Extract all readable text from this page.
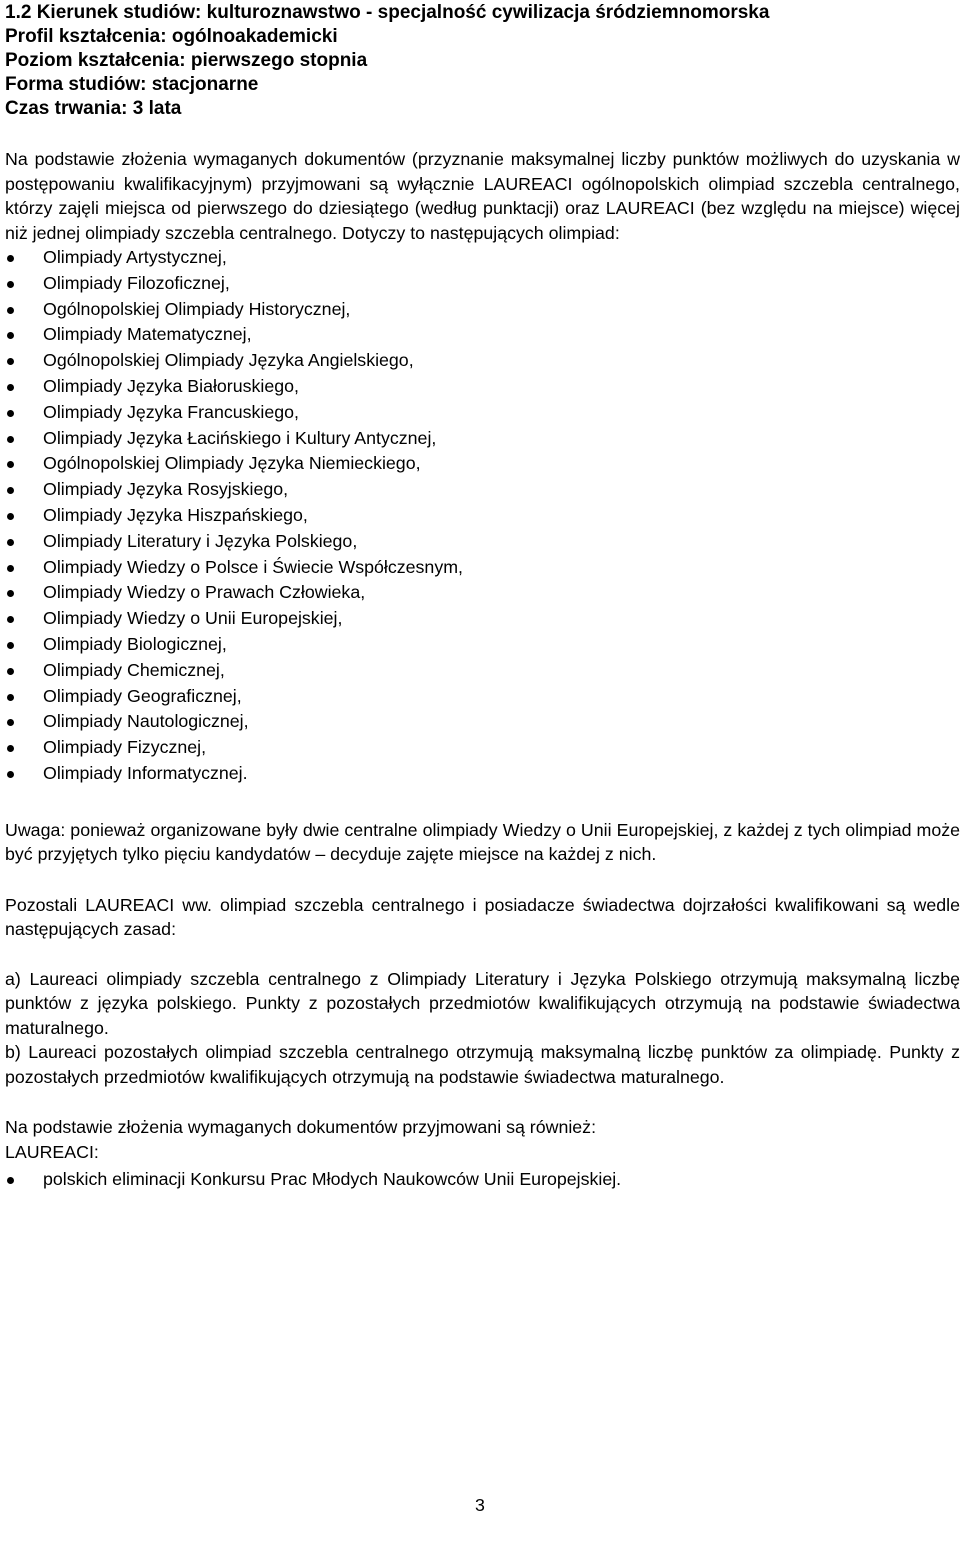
1.2 Kierunek studiów: kulturoznawstwo - specjalność cywilizacja śródziemnomorska
Profil kształcenia: ogólnoakademicki
Poziom kształcenia: pierwszego stopnia
Forma studiów: stacjonarne
Czas trwania: 3 lata

Na podstawie złożenia wymaganych dokumentów (przyznanie maksymalnej liczby punktów możliwych do uzyskania w postępowaniu kwalifikacyjnym) przyjmowani są wyłącznie LAUREACI ogólnopolskich olimpiad szczebla centralnego, którzy zajęli miejsca od pierwszego do dziesiątego (według punktacji) oraz LAUREACI (bez względu na miejsce) więcej niż jednej olimpiady szczebla centralnego. Dotyczy to następujących olimpiad:

Olimpiady Artystycznej,
Olimpiady Filozoficznej,
Ogólnopolskiej Olimpiady Historycznej,
Olimpiady Matematycznej,
Ogólnopolskiej Olimpiady Języka Angielskiego,
Olimpiady Języka Białoruskiego,
Olimpiady Języka Francuskiego,
Olimpiady Języka Łacińskiego i Kultury Antycznej,
Ogólnopolskiej Olimpiady Języka Niemieckiego,
Olimpiady Języka Rosyjskiego,
Olimpiady Języka Hiszpańskiego,
Olimpiady Literatury i Języka Polskiego,
Olimpiady Wiedzy o Polsce i Świecie Współczesnym,
Olimpiady Wiedzy o Prawach Człowieka,
Olimpiady Wiedzy o Unii Europejskiej,
Olimpiady Biologicznej,
Olimpiady Chemicznej,
Olimpiady Geograficznej,
Olimpiady Nautologicznej,
Olimpiady Fizycznej,
Olimpiady Informatycznej.

Uwaga: ponieważ organizowane były dwie centralne olimpiady Wiedzy o Unii Europejskiej, z każdej z tych olimpiad może być przyjętych tylko pięciu kandydatów – decyduje zajęte miejsce na każdej z nich.

Pozostali LAUREACI ww. olimpiad szczebla centralnego i posiadacze świadectwa dojrzałości kwalifikowani są wedle następujących zasad:

a) Laureaci olimpiady szczebla centralnego z Olimpiady Literatury i Języka Polskiego otrzymują maksymalną liczbę punktów z języka polskiego. Punkty z pozostałych przedmiotów kwalifikujących otrzymują na podstawie świadectwa maturalnego.

b) Laureaci pozostałych olimpiad szczebla centralnego otrzymują maksymalną liczbę punktów za olimpiadę. Punkty z pozostałych przedmiotów kwalifikujących otrzymują na podstawie świadectwa maturalnego.

Na podstawie złożenia wymaganych dokumentów przyjmowani są również:

LAUREACI:

polskich eliminacji Konkursu Prac Młodych Naukowców Unii Europejskiej.
3
